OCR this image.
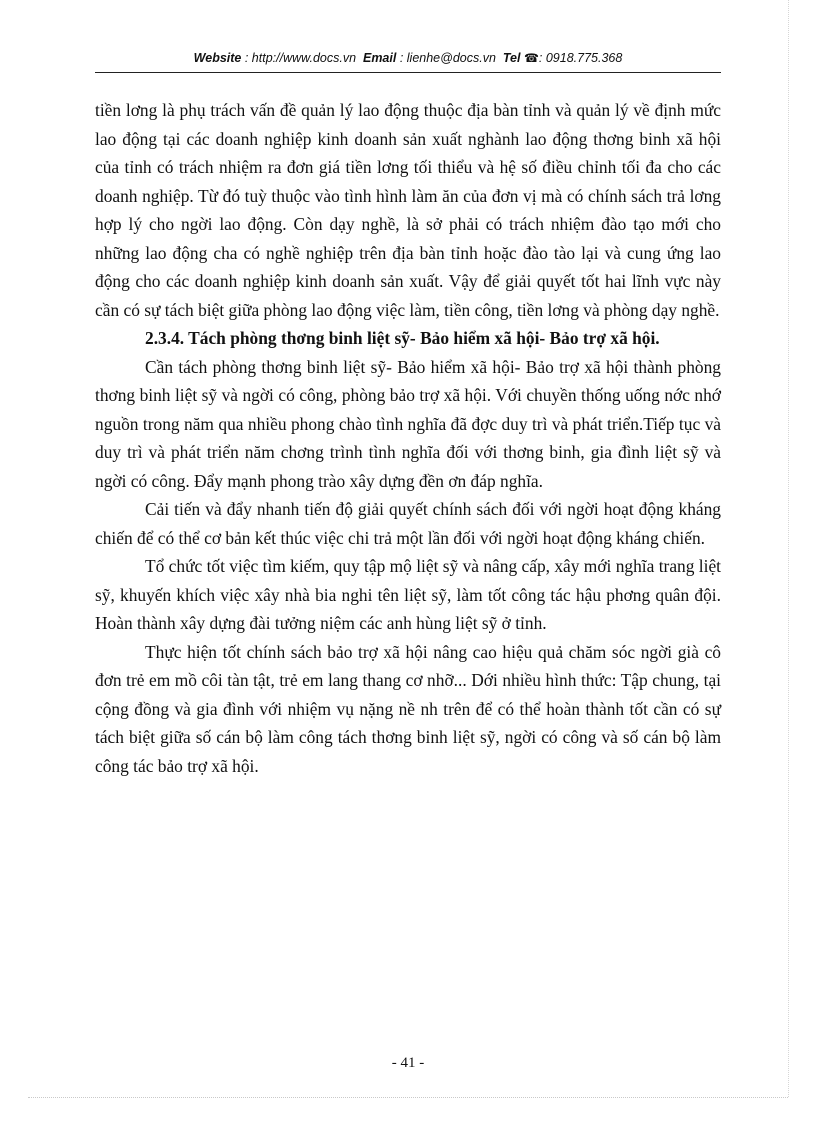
Website : http://www.docs.vn Email : lienhe@docs.vn Tel ☎: 0918.775.368

tiền lơng là phụ trách vấn đề quản lý lao động thuộc địa bàn tỉnh và quản lý về định mức lao động tại các doanh nghiệp kinh doanh sản xuất nghành lao động thơng binh xã hội của tỉnh có trách nhiệm ra đơn giá tiền lơng tối thiểu và hệ số điều chỉnh tối đa cho các doanh nghiệp. Từ đó tuỳ thuộc vào tình hình làm ăn của đơn vị mà có chính sách trả lơng hợp lý cho ngời lao động. Còn dạy nghề, là sở phải có trách nhiệm đào tạo mới cho những lao động cha có nghề nghiệp trên địa bàn tỉnh hoặc đào tào lại và cung ứng lao động cho các doanh nghiệp kinh doanh sản xuất. Vậy để giải quyết tốt hai lĩnh vực này cần có sự tách biệt giữa phòng lao động việc làm, tiền công, tiền lơng và phòng dạy nghề.

2.3.4. Tách phòng thơng binh liệt sỹ- Bảo hiểm xã hội- Bảo trợ xã hội.

Cần tách phòng thơng binh liệt sỹ- Bảo hiểm xã hội- Bảo trợ xã hội thành phòng thơng binh liệt sỹ và ngời có công, phòng bảo trợ xã hội. Với chuyền thống uống nớc nhớ nguồn trong năm qua nhiều phong chào tình nghĩa đã đợc duy trì và phát triển.Tiếp tục và duy trì và phát triển năm chơng trình tình nghĩa đối với thơng binh, gia đình liệt sỹ và ngời có công. Đẩy mạnh phong trào xây dựng đền ơn đáp nghĩa.

Cải tiến và đẩy nhanh tiến độ giải quyết chính sách đối với ngời hoạt động kháng chiến để có thể cơ bản kết thúc việc chi trả một lần đối với ngời hoạt động kháng chiến.

Tổ chức tốt việc tìm kiếm, quy tập mộ liệt sỹ và nâng cấp, xây mới nghĩa trang liệt sỹ, khuyến khích việc xây nhà bia nghi tên liệt sỹ, làm tốt công tác hậu phơng quân đội. Hoàn thành xây dựng đài tưởng niệm các anh hùng liệt sỹ ở tỉnh.

Thực hiện tốt chính sách bảo trợ xã hội nâng cao hiệu quả chăm sóc ngời già cô đơn trẻ em mồ côi tàn tật, trẻ em lang thang cơ nhỡ... Dới nhiều hình thức: Tập chung, tại cộng đồng và gia đình với nhiệm vụ nặng nề nh trên để có thể hoàn thành tốt cần có sự tách biệt giữa số cán bộ làm công tách thơng binh liệt sỹ, ngời có công và số cán bộ làm công tác bảo trợ xã hội.

- 41 -
